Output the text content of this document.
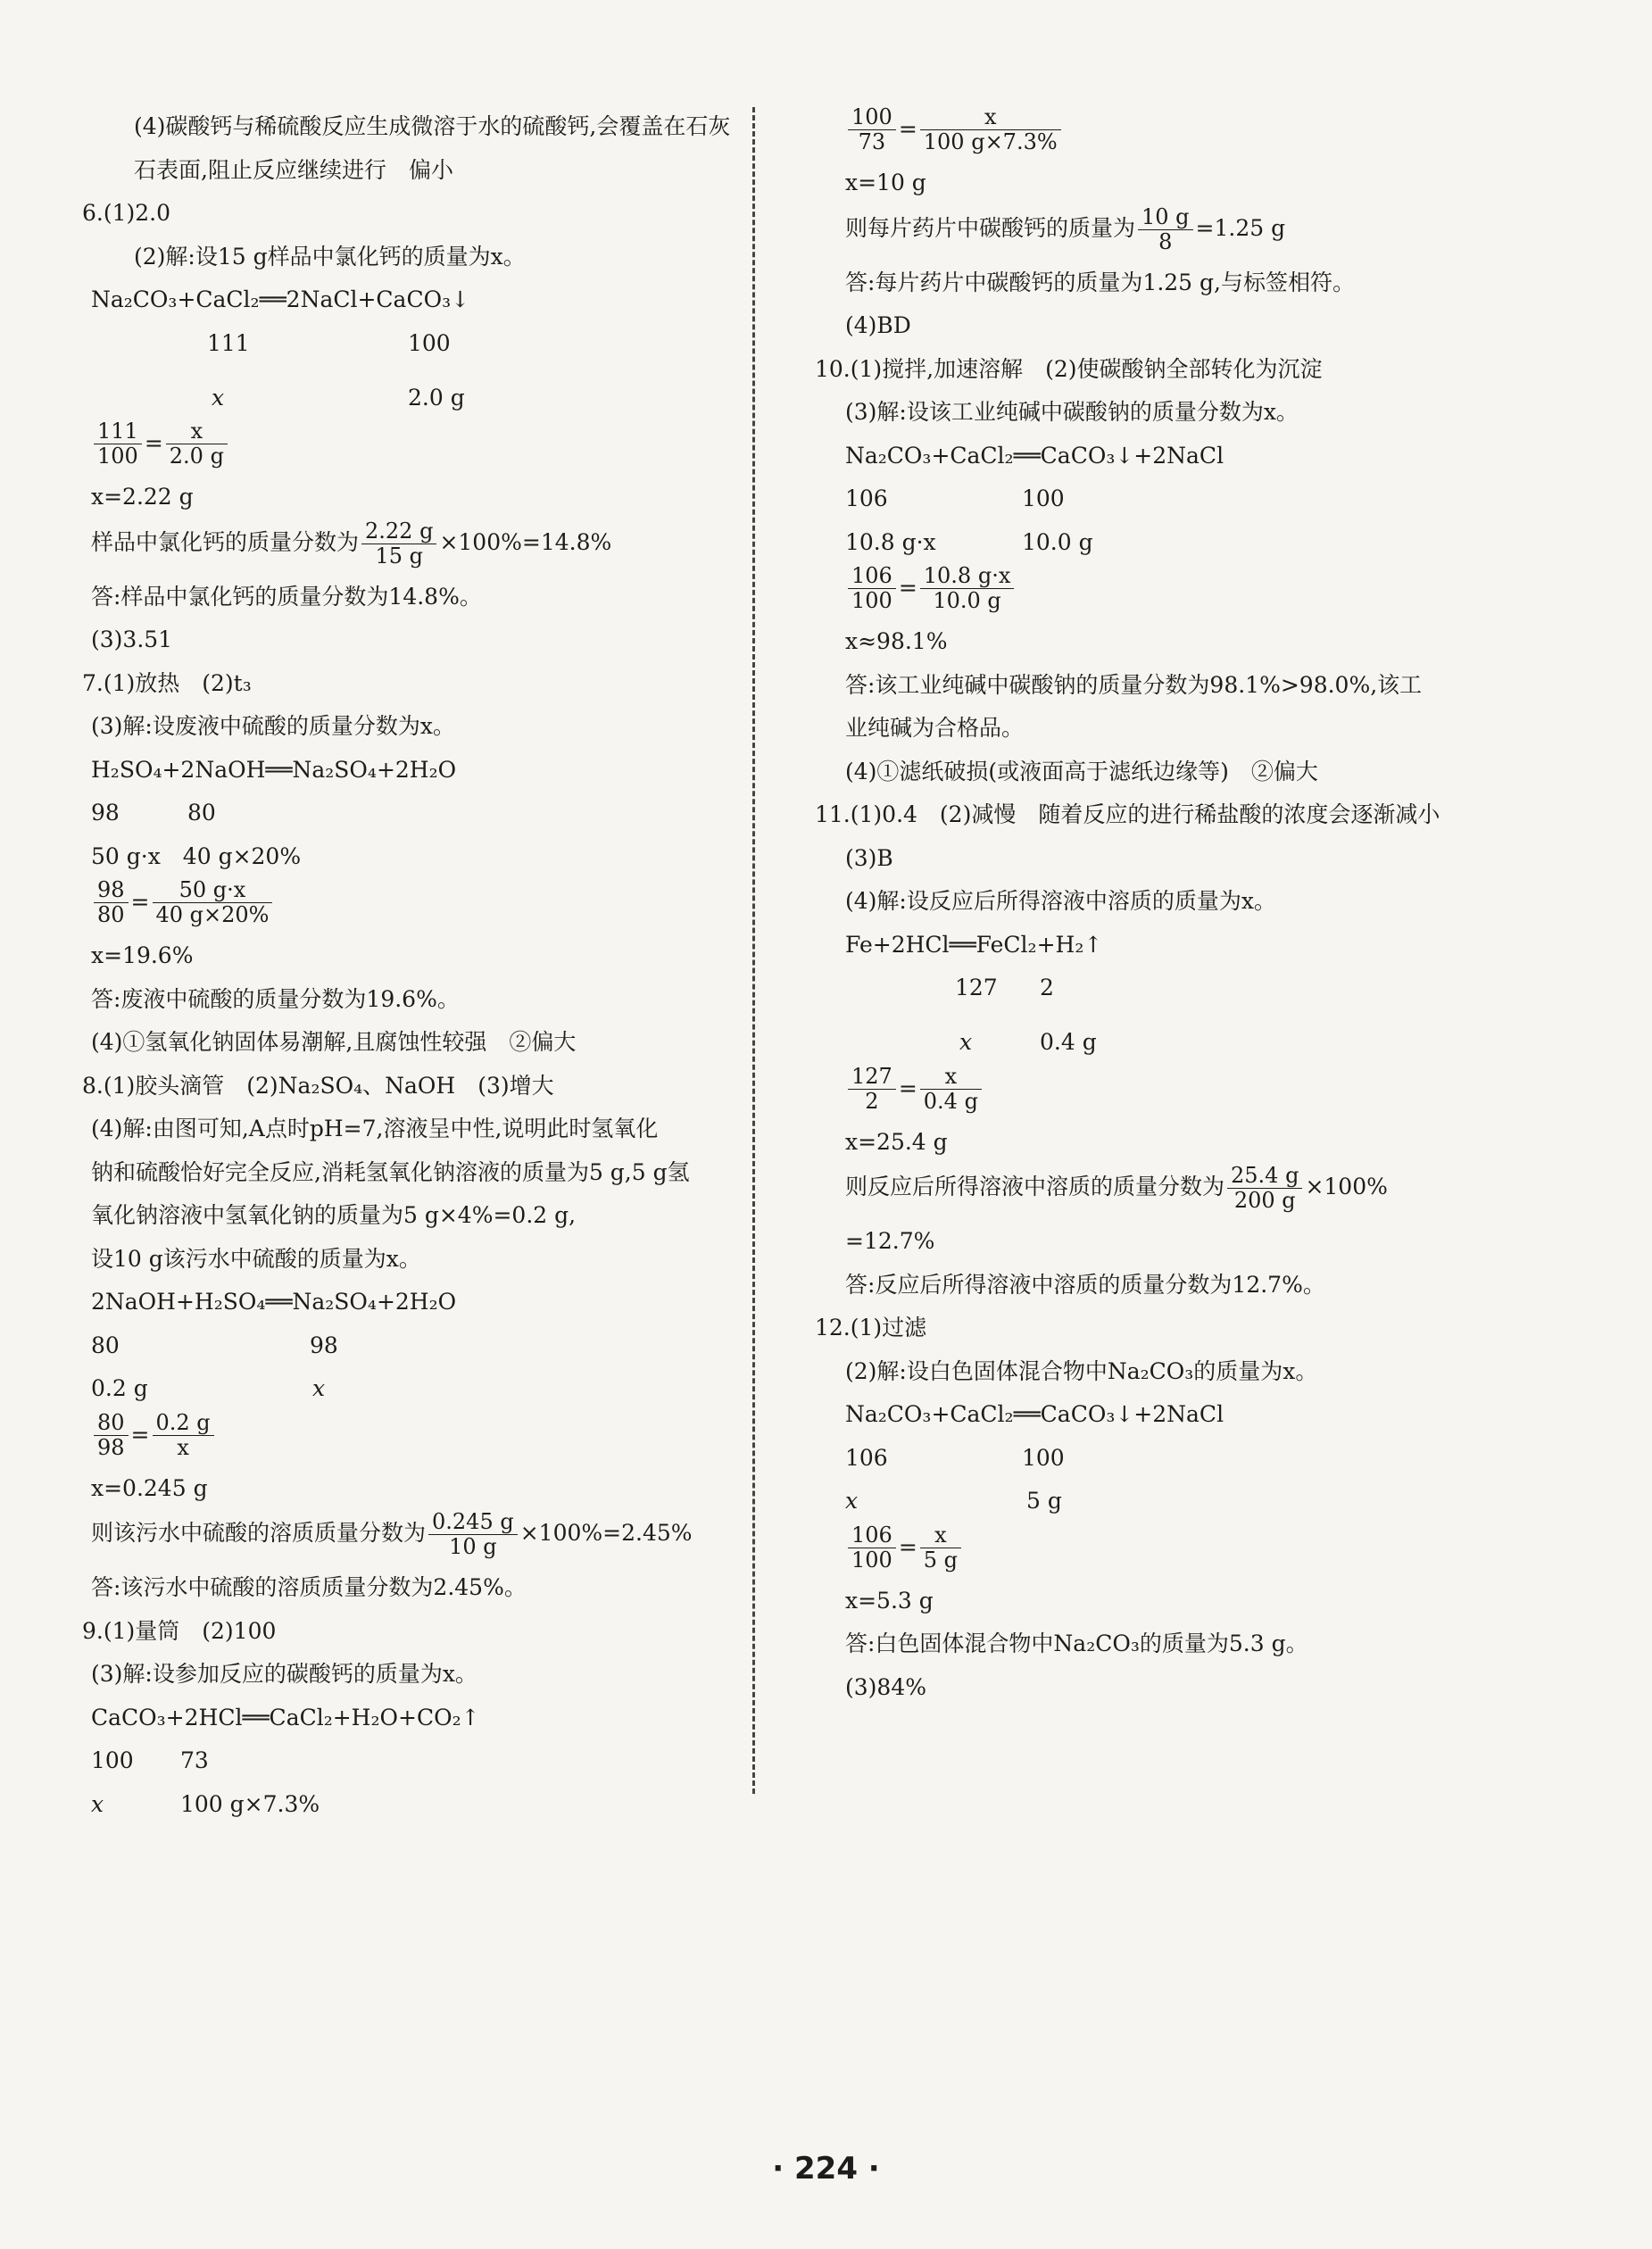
(4)碳酸钙与稀硫酸反应生成微溶于水的硫酸钙,会覆盖在石灰
石表面,阻止反应继续进行　偏小
6.(1)2.0
(2)解:设15 g样品中氯化钙的质量为x。
Na₂CO₃+CaCl₂══2NaCl+CaCO₃↓
111	100
x	2.0 g
$\frac{111}{100} = \frac{x}{2.0 g}$
x=2.22 g
样品中氯化钙的质量分数为 $\frac{2.22 g}{15 g} \times 100\%=14.8\%$
答:样品中氯化钙的质量分数为14.8%。
(3)3.51
7.(1)放热　(2)t₃
(3)解:设废液中硫酸的质量分数为x。
H₂SO₄+2NaOH══Na₂SO₄+2H₂O
98	80
50 g·x　40 g×20%
$\frac{98}{80} = \frac{50 g\cdot x}{40 g\times 20\%}$
x=19.6%
答:废液中硫酸的质量分数为19.6%。
(4)①氢氧化钠固体易潮解,且腐蚀性较强　②偏大
8.(1)胶头滴管　(2)Na₂SO₄、NaOH　(3)增大
(4)解:由图可知,A点时pH=7,溶液呈中性,说明此时氢氧化
钠和硫酸恰好完全反应,消耗氢氧化钠溶液的质量为5 g,5 g氢
氧化钠溶液中氢氧化钠的质量为5 g×4%=0.2 g,
设10 g该污水中硫酸的质量为x。
2NaOH+H₂SO₄══Na₂SO₄+2H₂O
80	98
0.2 g	x
$\frac{80}{98} = \frac{0.2 g}{x}$
x=0.245 g
则该污水中硫酸的溶质质量分数为 $\frac{0.245 g}{10 g} \times 100\%=2.45\%$
答:该污水中硫酸的溶质质量分数为2.45%。
9.(1)量筒　(2)100
(3)解:设参加反应的碳酸钙的质量为x。
CaCO₃+2HCl══CaCl₂+H₂O+CO₂↑
100 73
x	100 g×7.3%
$\frac{100}{73} = \frac{x}{100 g\times 7.3\%}$
x=10 g
则每片药片中碳酸钙的质量为 $\frac{10 g}{8} =1.25$ g
答:每片药片中碳酸钙的质量为1.25 g,与标签相符。
(4)BD
10.(1)搅拌,加速溶解　(2)使碳酸钠全部转化为沉淀
(3)解:设该工业纯碱中碳酸钠的质量分数为x。
Na₂CO₃+CaCl₂══CaCO₃↓+2NaCl
106	100
10.8 g·x	10.0 g
$\frac{106}{100} = \frac{10.8 g\cdot x}{10.0 g}$
x≈98.1%
答:该工业纯碱中碳酸钠的质量分数为98.1%>98.0%,该工
业纯碱为合格品。
(4)①滤纸破损(或液面高于滤纸边缘等)　②偏大
11.(1)0.4　(2)减慢　随着反应的进行稀盐酸的浓度会逐渐减小
(3)B
(4)解:设反应后所得溶液中溶质的质量为x。
Fe+2HCl══FeCl₂+H₂↑
127 2
x	0.4 g
$\frac{127}{2} = \frac{x}{0.4 g}$
x=25.4 g
则反应后所得溶液中溶质的质量分数为 $\frac{25.4 g}{200 g} \times 100\%$
=12.7%
答:反应后所得溶液中溶质的质量分数为12.7%。
12.(1)过滤
(2)解:设白色固体混合物中Na₂CO₃的质量为x。
Na₂CO₃+CaCl₂══CaCO₃↓+2NaCl
106	100
x	5 g
$\frac{106}{100} = \frac{x}{5 g}$
x=5.3 g
答:白色固体混合物中Na₂CO₃的质量为5.3 g。
(3)84%
· 224 ·
